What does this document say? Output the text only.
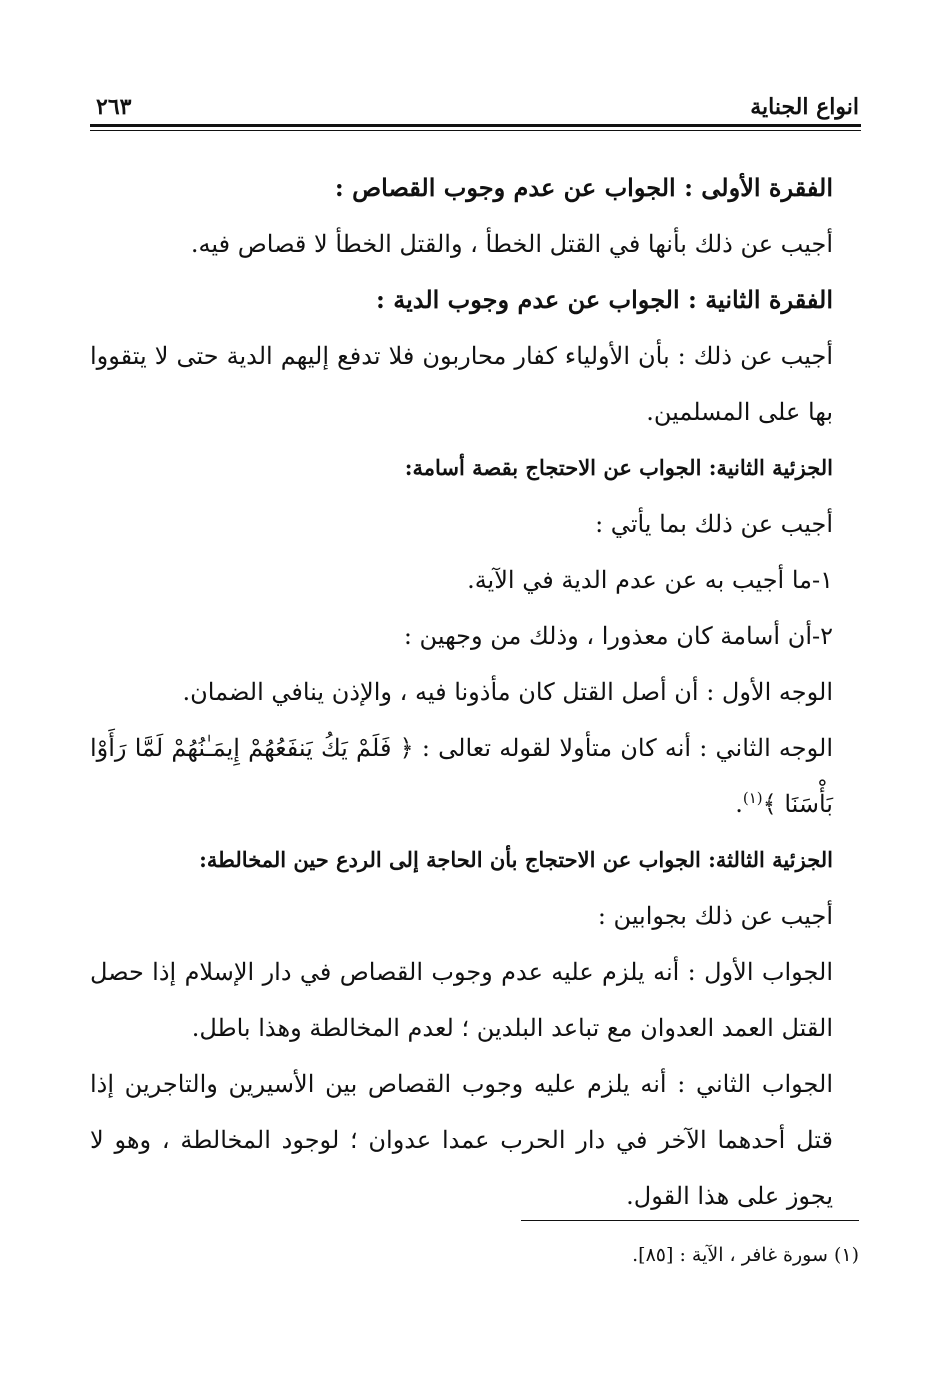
انواع الجناية
٢٦٣

الفقرة الأولى : الجواب عن عدم وجوب القصاص :

أجيب عن ذلك بأنها في القتل الخطأ ، والقتل الخطأ لا قصاص فيه.

الفقرة الثانية : الجواب عن عدم وجوب الدية :

أجيب عن ذلك : بأن الأولياء كفار محاربون فلا تدفع إليهم الدية حتى لا يتقووا بها على المسلمين.

الجزئية الثانية: الجواب عن الاحتجاج بقصة أسامة:

أجيب عن ذلك بما يأتي :

١-ما أجيب به عن عدم الدية في الآية.

٢-أن أسامة كان معذورا ، وذلك من وجهين :

الوجه الأول : أن أصل القتل كان مأذونا فيه ، والإذن ينافي الضمان.

الوجه الثاني : أنه كان متأولا لقوله تعالى : ﴿ فَلَمْ يَكُ يَنفَعُهُمْ إِيمَـٰنُهُمْ لَمَّا رَأَوْا بَأْسَنَا ﴾$^{(١)}$.

الجزئية الثالثة: الجواب عن الاحتجاج بأن الحاجة إلى الردع حين المخالطة:

أجيب عن ذلك بجوابين :

الجواب الأول : أنه يلزم عليه عدم وجوب القصاص في دار الإسلام إذا حصل القتل العمد العدوان مع تباعد البلدين ؛ لعدم المخالطة وهذا باطل.

الجواب الثاني : أنه يلزم عليه وجوب القصاص بين الأسيرين والتاجرين إذا قتل أحدهما الآخر في دار الحرب عمدا عدوان ؛ لوجود المخالطة ، وهو لا يجوز على هذا القول.

(١) سورة غافر ، الآية : [٨٥].
